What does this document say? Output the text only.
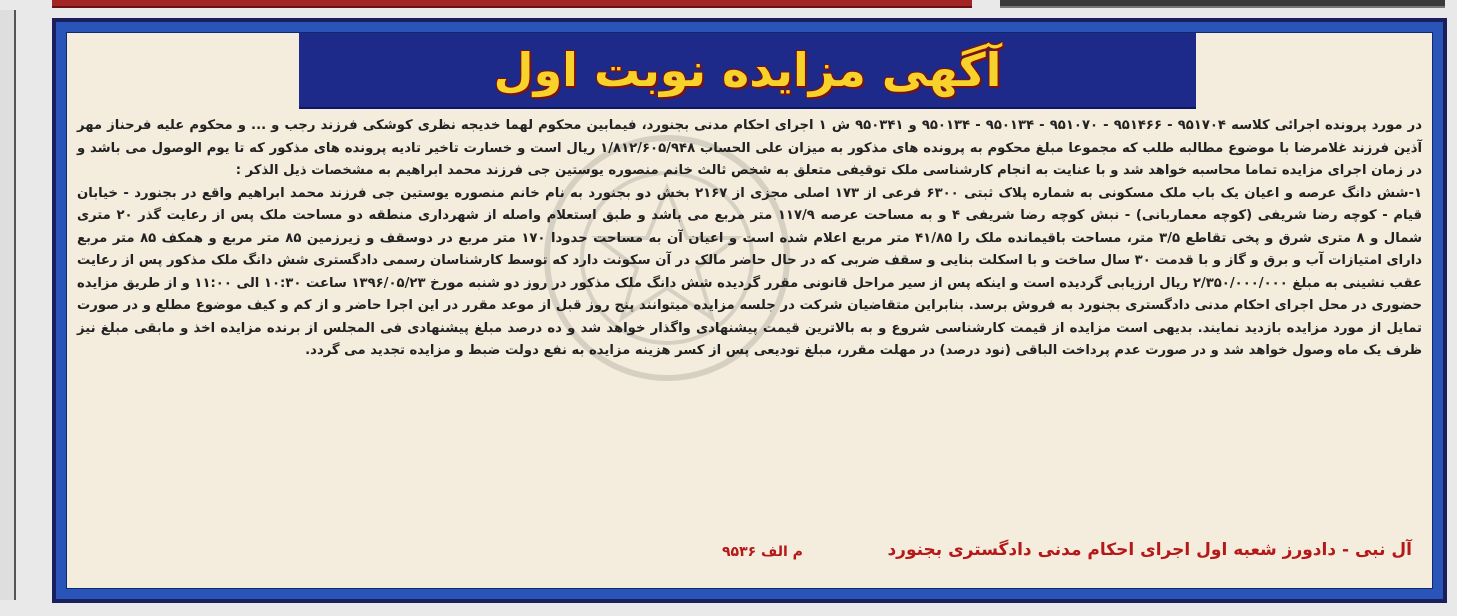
آگهی مزایده نوبت اول

در مورد پرونده اجرائی کلاسه ۹۵۱۷۰۴ - ۹۵۱۴۶۶ - ۹۵۱۰۷۰ - ۹۵۰۱۳۴ - ۹۵۰۱۳۴ و ۹۵۰۳۴۱ ش ۱ اجرای احکام مدنی بجنورد، فیمابین محکوم لهما خدیجه نظری کوشکی فرزند رجب و ... و محکوم علیه فرحناز مهر آذین فرزند غلامرضا با موضوع مطالبه طلب که مجموعا مبلغ محکوم به پرونده های مذکور به میزان علی الحساب ۱/۸۱۲/۶۰۵/۹۴۸ ریال است و خسارت تاخیر تادیه پرونده های مذکور که تا یوم الوصول می باشد و در زمان اجرای مزایده تماما محاسبه خواهد شد و با عنایت به انجام کارشناسی ملک توقیفی متعلق به شخص ثالث خانم منصوره یوستین جی فرزند محمد ابراهیم به مشخصات ذیل الذکر :

۱-شش دانگ عرصه و اعیان یک باب ملک مسکونی به شماره پلاک ثبتی ۶۳۰۰ فرعی از ۱۷۳ اصلی مجزی از ۲۱۶۷ بخش دو بجنورد به نام خانم منصوره یوستین جی فرزند محمد ابراهیم واقع در بجنورد - خیابان قیام - کوچه رضا شریفی (کوچه معماربانی) - نبش کوچه رضا شریفی ۴ و به مساحت عرصه ۱۱۷/۹ متر مربع می باشد و طبق استعلام واصله از شهرداری منطقه دو مساحت ملک پس از رعایت گذر ۲۰ متری شمال و ۸ متری شرق و پخی تقاطع ۳/۵ متر، مساحت باقیمانده ملک را ۴۱/۸۵ متر مربع اعلام شده است و اعیان آن به مساحت حدودا ۱۷۰ متر مربع در دوسقف و زیرزمین ۸۵ متر مربع و همکف ۸۵ متر مربع دارای امتیازات آب و برق و گاز و با قدمت ۳۰ سال ساخت و با اسکلت بنایی و سقف ضربی که در حال حاضر مالک در آن سکونت دارد که توسط کارشناسان رسمی دادگستری شش دانگ ملک مذکور پس از رعایت عقب نشینی به مبلغ ۲/۳۵۰/۰۰۰/۰۰۰ ریال ارزیابی گردیده است و اینکه پس از سیر مراحل قانونی مقرر گردیده شش دانگ ملک مذکور در روز دو شنبه مورخ ۱۳۹۶/۰۵/۲۳ ساعت ۱۰:۳۰ الی ۱۱:۰۰ و از طریق مزایده حضوری در محل اجرای احکام مدنی دادگستری بجنورد به فروش برسد. بنابراین متقاضیان شرکت در جلسه مزایده میتوانند پنج روز قبل از موعد مقرر در این اجرا حاضر و از کم و کیف موضوع مطلع و در صورت تمایل از مورد مزایده بازدید نمایند. بدیهی است مزایده از قیمت کارشناسی شروع و به بالاترین قیمت پیشنهادی واگذار خواهد شد و ده درصد مبلغ پیشنهادی فی المجلس از برنده مزایده اخذ و مابقی مبلغ نیز ظرف یک ماه وصول خواهد شد و در صورت عدم پرداخت الباقی (نود درصد) در مهلت مقرر، مبلغ تودیعی پس از کسر هزینه مزایده به نفع دولت ضبط و مزایده تجدید می گردد.

آل نبی - دادورز شعبه اول اجرای احکام مدنی دادگستری بجنورد
م الف ۹۵۳۶
